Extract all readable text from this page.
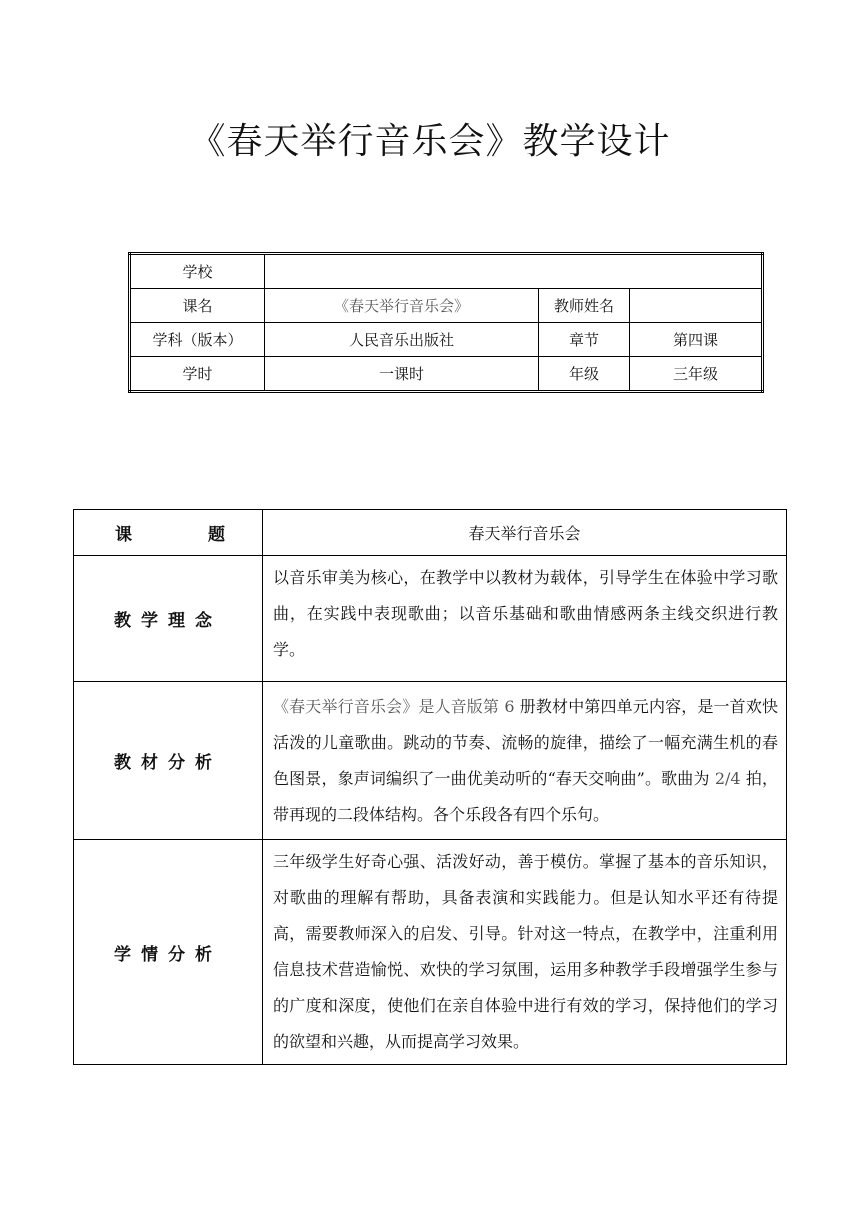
《春天举行音乐会》教学设计
学校			
课名	《春天举行音乐会》	教师姓名	
学科（版本）	人民音乐出版社	章节	第四课
学时	一课时	年级	三年级
课 题	春天举行音乐会
教学理念	以音乐审美为核心，在教学中以教材为载体，引导学生在体验中学习歌曲，在实践中表现歌曲；以音乐基础和歌曲情感两条主线交织进行教学。
教材分析	《春天举行音乐会》是人音版第 6 册教材中第四单元内容，是一首欢快活泼的儿童歌曲。跳动的节奏、流畅的旋律，描绘了一幅充满生机的春色图景，象声词编织了一曲优美动听的“春天交响曲”。歌曲为 2/4 拍，带再现的二段体结构。各个乐段各有四个乐句。
学情分析	三年级学生好奇心强、活泼好动，善于模仿。掌握了基本的音乐知识，对歌曲的理解有帮助，具备表演和实践能力。但是认知水平还有待提高，需要教师深入的启发、引导。针对这一特点，在教学中，注重利用信息技术营造愉悦、欢快的学习氛围，运用多种教学手段增强学生参与的广度和深度，使他们在亲自体验中进行有效的学习，保持他们的学习的欲望和兴趣，从而提高学习效果。
